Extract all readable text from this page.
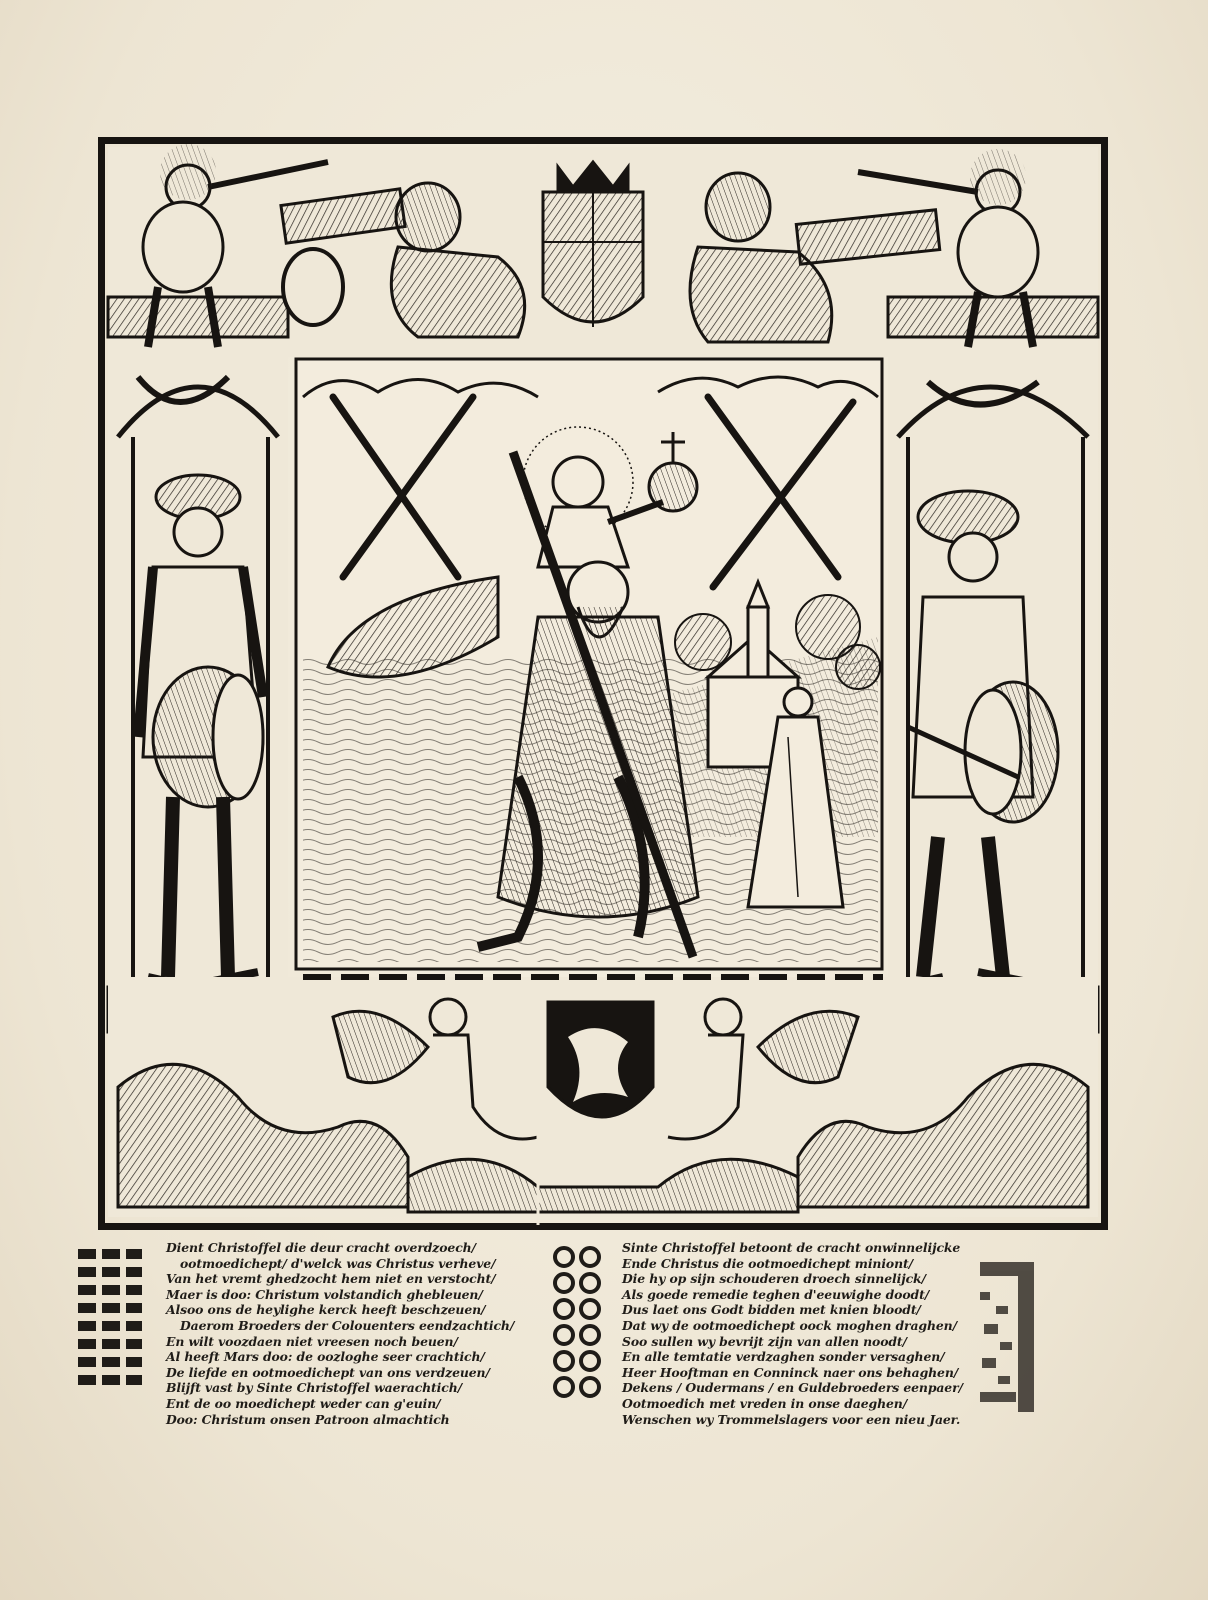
Dient Christoffel die deur cracht overdzoech/
ootmoedichept/ d'welck was Christus verheve/
Van het vremt ghedzocht hem niet en verstocht/
Maer is doo: Christum volstandich ghebleuen/
Alsoo ons de heylighe kerck heeft beschzeuen/
Daerom Broeders der Colouenters eendzachtich/
En wilt voozdaen niet vreesen noch beuen/
Al heeft Mars doo: de oozloghe seer crachtich/
De liefde en ootmoedichept van ons verdzeuen/
Blijft vast by Sinte Christoffel waerachtich/
Ent de oo moedichept weder can g'euin/
Doo: Christum onsen Patroon almachtich
Sinte Christoffel betoont de cracht onwinnelijcke
Ende Christus die ootmoedichept miniont/
Die hy op sijn schouderen droech sinnelijck/
Als goede remedie teghen d'eeuwighe doodt/
Dus laet ons Godt bidden met knien bloodt/
Dat wy de ootmoedichept oock moghen draghen/
Soo sullen wy bevrijt zijn van allen noodt/
En alle temtatie verdzaghen sonder versaghen/
Heer Hooftman en Conninck naer ons behaghen/
Dekens / Oudermans / en Guldebroeders eenpaer/
Ootmoedich met vreden in onse daeghen/
Wenschen wy Trommelslagers voor een nieu Jaer.
